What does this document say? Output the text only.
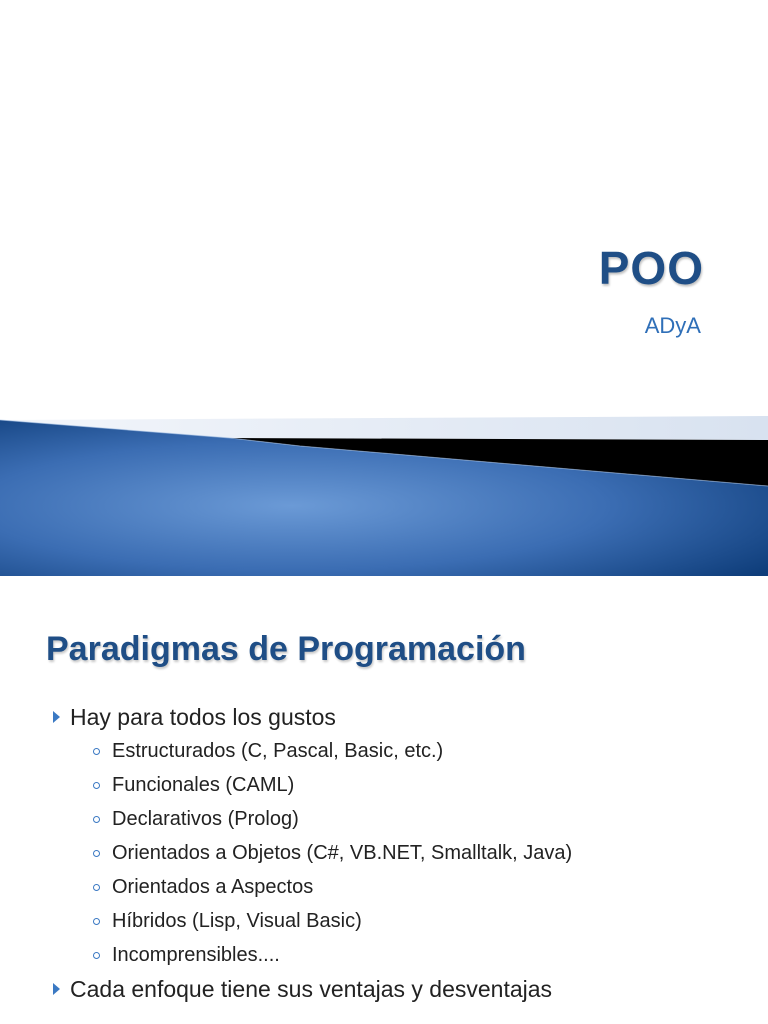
POO

ADyA

Paradigmas de Programación
Hay para todos los gustos
Estructurados (C, Pascal, Basic, etc.)
Funcionales (CAML)
Declarativos (Prolog)
Orientados a Objetos (C#, VB.NET, Smalltalk, Java)
Orientados a Aspectos
Híbridos (Lisp, Visual Basic)
Incomprensibles....
Cada enfoque tiene sus ventajas y desventajas
